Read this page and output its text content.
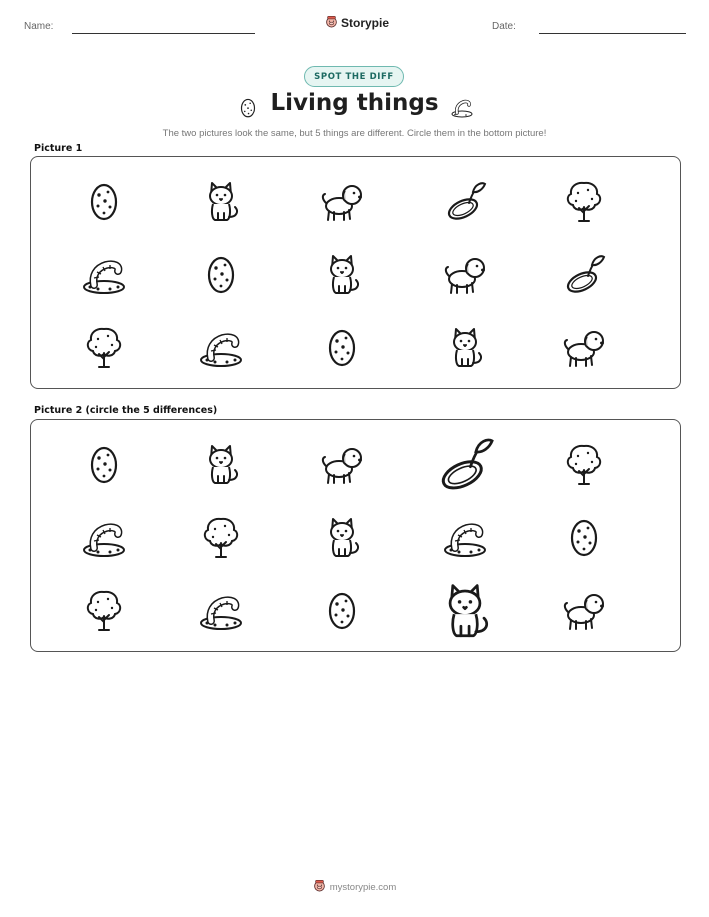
Name:	Storypie	Date:
SPOT THE DIFF
Living things
The two pictures look the same, but 5 things are different. Circle them in the bottom picture!
Picture 1
Picture 2 (circle the 5 differences)
mystorypie.com
